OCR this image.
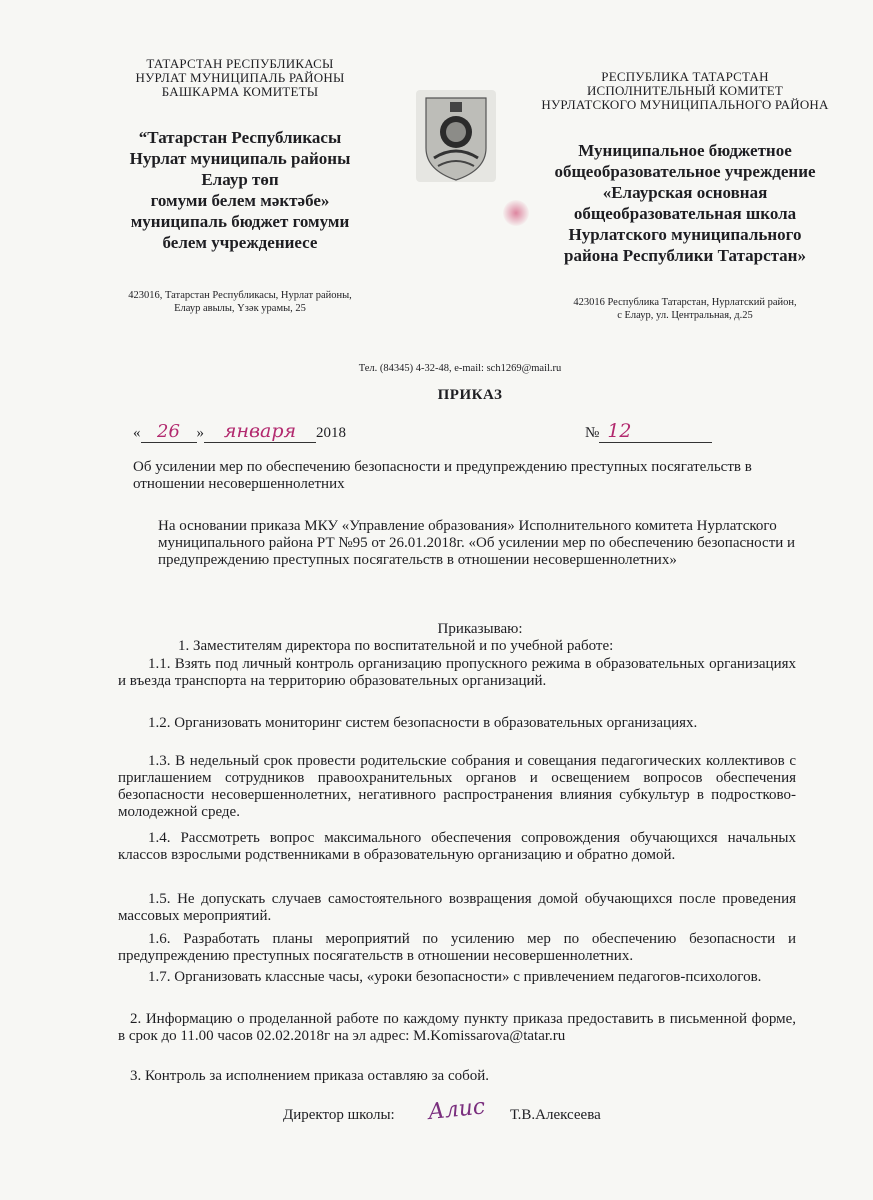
ТАТАРСТАН РЕСПУБЛИКАСЫ
НУРЛАТ МУНИЦИПАЛЬ РАЙОНЫ
БАШКАРМА КОМИТЕТЫ
“Татарстан Республикасы
Нурлат муниципаль районы
Елаур төп
гомуми белем мәктәбе»
муниципаль бюджет гомуми
белем учреждениесе
423016, Татарстан Республикасы, Нурлат районы,
Елаур авылы, Үзәк урамы, 25
РЕСПУБЛИКА ТАТАРСТАН
ИСПОЛНИТЕЛЬНЫЙ КОМИТЕТ
НУРЛАТСКОГО МУНИЦИПАЛЬНОГО РАЙОНА
Муниципальное бюджетное
общеобразовательное учреждение
«Елаурская основная
общеобразовательная школа
Нурлатского муниципального
района Республики Татарстан»
423016 Республика Татарстан, Нурлатский район,
с Елаур, ул. Центральная, д.25
Тел. (84345) 4-32-48, e-mail: sch1269@mail.ru
ПРИКАЗ
« 26 » января 2018	№ 12
Об усилении мер по обеспечению безопасности и предупреждению преступных посягательств в отношении несовершеннолетних
На основании приказа МКУ «Управление образования» Исполнительного комитета Нурлатского муниципального района РТ №95 от 26.01.2018г. «Об усилении мер по обеспечению безопасности и предупреждению преступных посягательств в отношении несовершеннолетних»
Приказываю:
1. Заместителям директора по воспитательной и по учебной работе:
1.1. Взять под личный контроль организацию пропускного режима в образовательных организациях и въезда транспорта на территорию образовательных организаций.
1.2. Организовать мониторинг систем безопасности в образовательных организациях.
1.3. В недельный срок провести родительские собрания и совещания педагогических коллективов с приглашением сотрудников правоохранительных органов и освещением вопросов обеспечения безопасности несовершеннолетних, негативного распространения влияния субкультур в подростково-молодежной среде.
1.4. Рассмотреть вопрос максимального обеспечения сопровождения обучающихся начальных классов взрослыми родственниками в образовательную организацию и обратно домой.
1.5. Не допускать случаев самостоятельного возвращения домой обучающихся после проведения массовых мероприятий.
1.6. Разработать планы мероприятий по усилению мер по обеспечению безопасности и предупреждению преступных посягательств в отношении несовершеннолетних.
1.7. Организовать классные часы, «уроки безопасности» с привлечением педагогов-психологов.
2. Информацию о проделанной работе по каждому пункту приказа предоставить в письменной форме, в срок до 11.00 часов 02.02.2018г на эл адрес: M.Komissarova@tatar.ru
3. Контроль за исполнением приказа оставляю за собой.
Директор школы:	Алис	Т.В.Алексеева
